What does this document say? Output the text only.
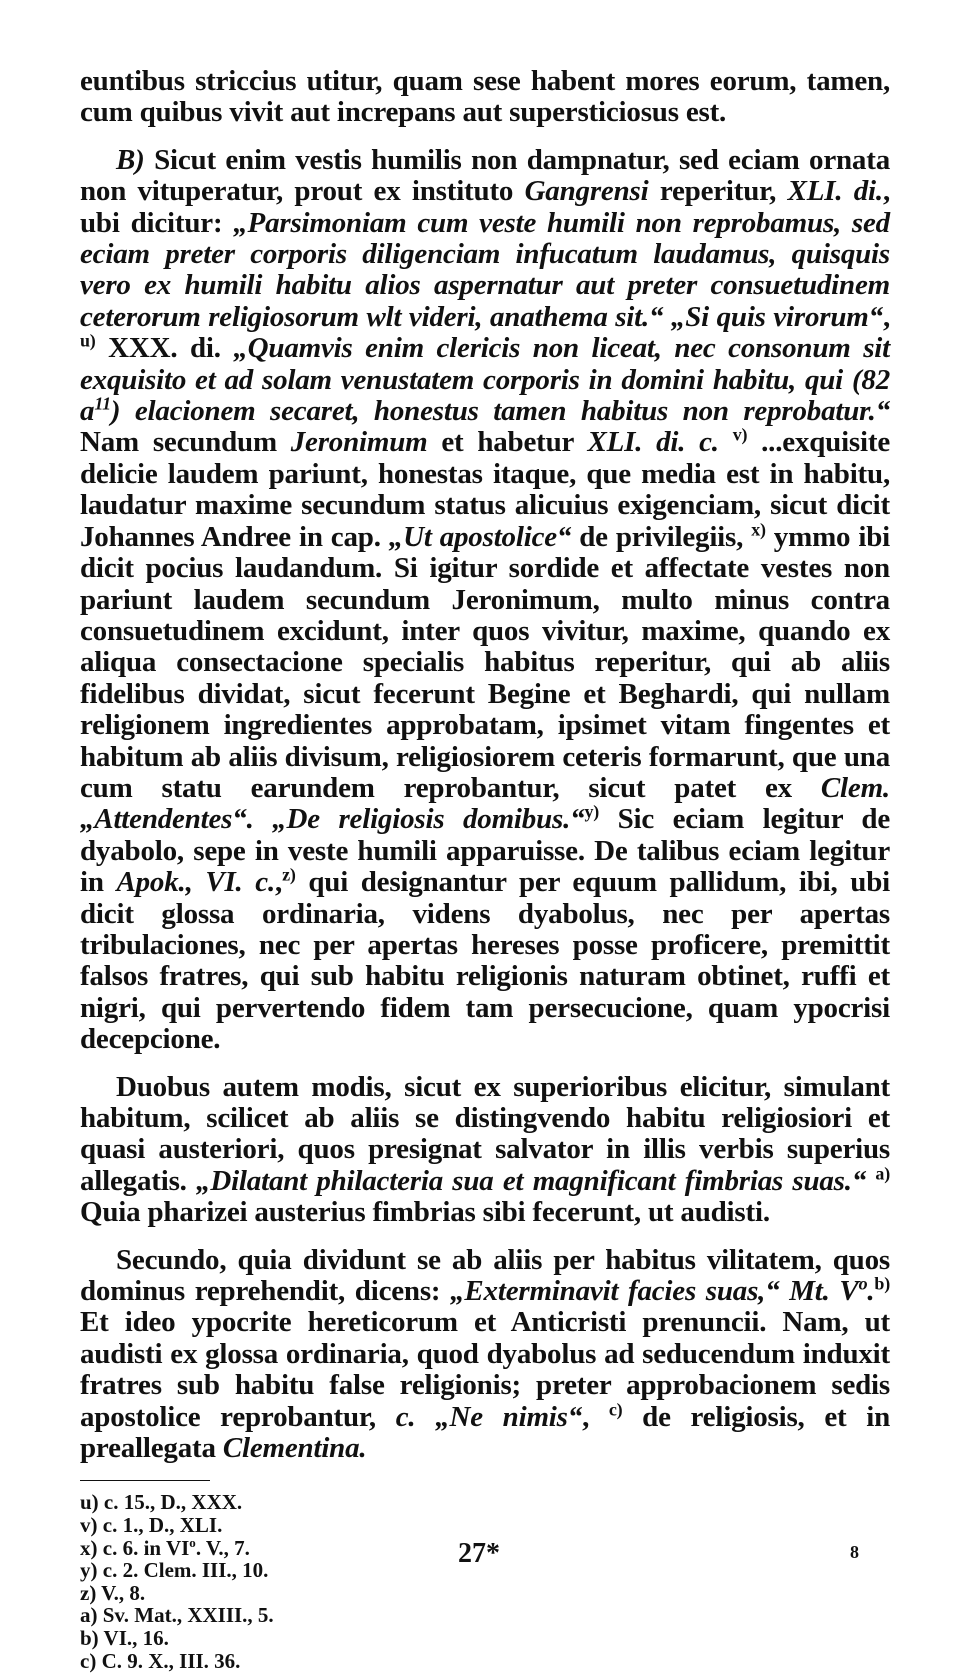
euntibus striccius utitur, quam sese habent mores eorum, tamen, cum quibus vivit aut increpans aut supersticiosus est.

B) Sicut enim vestis humilis non dampnatur, sed eciam ornata non vituperatur, prout ex instituto Gangrensi reperitur, XLI. di., ubi dicitur: „Parsimoniam cum veste humili non reprobamus, sed eciam preter corporis diligenciam infucatum laudamus, quisquis vero ex humili habitu alios aspernatur aut preter consuetudinem ceterorum religiosorum wlt videri, anathema sit.“ „Si quis virorum“, $^{u)}$ XXX. di. „Quamvis enim clericis non liceat, nec consonum sit exquisito et ad solam venustatem corporis in domini habitu, qui (82 $a^{11}$) elacionem secaret, honestus tamen habitus non reprobatur.“ Nam secundum Jeronimum et habetur XLI. di. c. $^{v)}$ ...exquisite delicie laudem pariunt, honestas itaque, que media est in habitu, laudatur maxime secundum status alicuius exigenciam, sicut dicit Johannes Andree in cap. „Ut apostolice“ de privilegiis, $^{x)}$ ymmo ibi dicit pocius laudandum. Si igitur sordide et affectate vestes non pariunt laudem secundum Jeronimum, multo minus contra consuetudinem excidunt, inter quos vivitur, maxime, quando ex aliqua consectacione specialis habitus reperitur, qui ab aliis fidelibus dividat, sicut fecerunt Begine et Beghardi, qui nullam religionem ingredientes approbatam, ipsimet vitam fingentes et habitum ab aliis divisum, religiosiorem ceteris formarunt, que una cum statu earundem reprobantur, sicut patet ex Clem. „Attendentes“. „De religiosis domibus.“$^{y)}$ Sic eciam legitur de dyabolo, sepe in veste humili apparuisse. De talibus eciam legitur in Apok., VI. c.,$^{z)}$ qui designantur per equum pallidum, ibi, ubi dicit glossa ordinaria, videns dyabolus, nec per apertas tribulaciones, nec per apertas hereses posse proficere, premittit falsos fratres, qui sub habitu religionis naturam obtinet, ruffi et nigri, qui pervertendo fidem tam persecucione, quam ypocrisi decepcione.

Duobus autem modis, sicut ex superioribus elicitur, simulant habitum, scilicet ab aliis se distingvendo habitu religiosiori et quasi austeriori, quos presignat salvator in illis verbis superius allegatis. „Dilatant philacteria sua et magnificant fimbrias suas.“ $^{a)}$ Quia pharizei austerius fimbrias sibi fecerunt, ut audisti.

Secundo, quia dividunt se ab aliis per habitus vilitatem, quos dominus reprehendit, dicens: „Exterminavit facies suas,“ Mt. $V^o.^{b)}$ Et ideo ypocrite hereticorum et Anticristi prenuncii. Nam, ut audisti ex glossa ordinaria, quod dyabolus ad seducendum induxit fratres sub habitu false religionis; preter approbacionem sedis apostolice reprobantur, c. „Ne nimis“, $^{c)}$ de religiosis, et in preallegata Clementina.

u) c. 15., D., XXX.
v) c. 1., D., XLI.
x) c. 6. in $VI^o$. V., 7.
y) c. 2. Clem. III., 10.
z) V., 8.
a) Sv. Mat., XXIII., 5.
b) VI., 16.
c) C. 9. X., III. 36.
27*	8
